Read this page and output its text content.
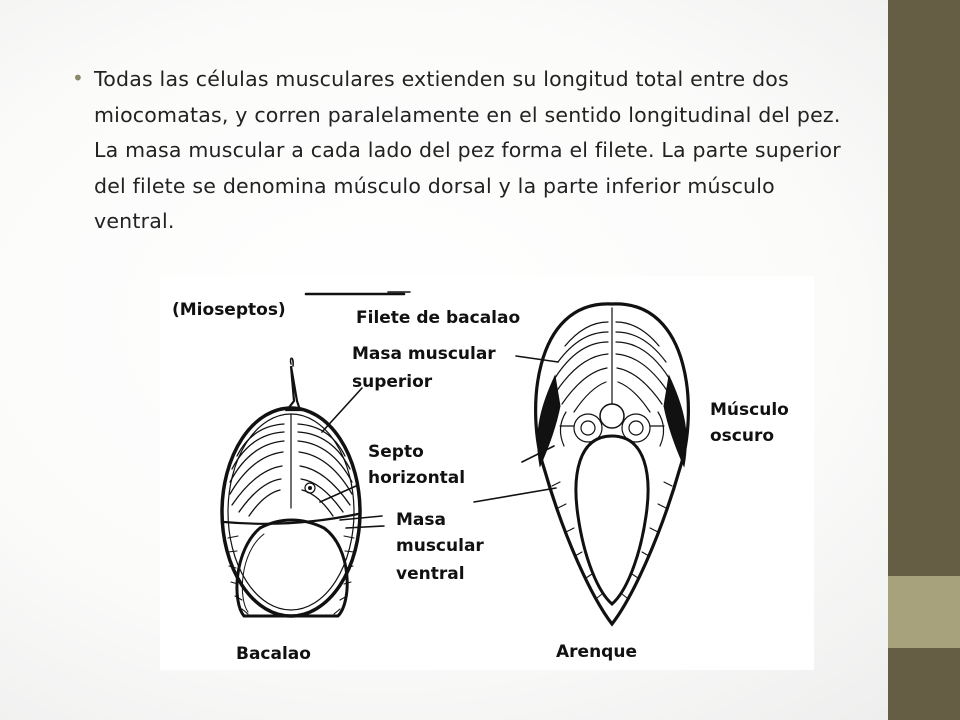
• Todas las células musculares extienden su longitud total entre dos miocomatas, y corren paralelamente en el sentido longitudinal del pez. La masa muscular a cada lado del pez forma el filete. La parte superior del filete se denomina músculo dorsal y la parte inferior músculo ventral.
(Mioseptos)	Filete de bacalao
Masa muscular
superior
Septo
horizontal
Masa
muscular
ventral
Músculo
oscuro
Bacalao	Arenque
